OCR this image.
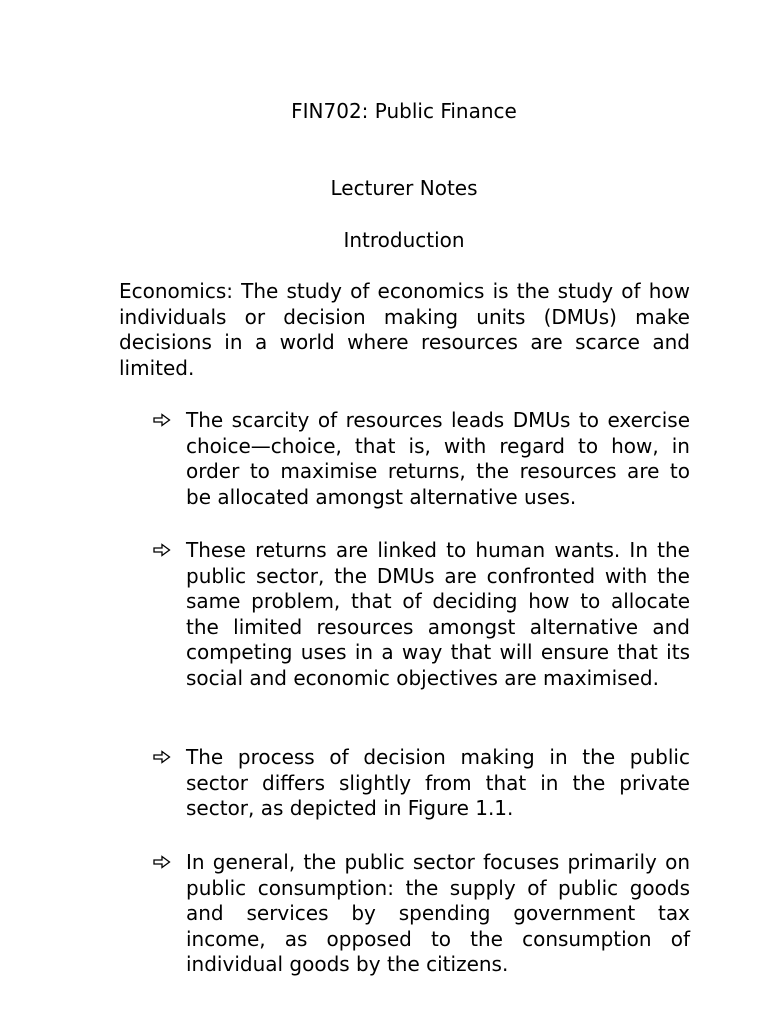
FIN702: Public Finance
Lecturer Notes
Introduction

Economics: The study of economics is the study of how individuals or decision making units (DMUs) make decisions in a world where resources are scarce and limited.

The scarcity of resources leads DMUs to exercise choice—choice, that is, with regard to how, in order to maximise returns, the resources are to be allocated amongst alternative uses.
These returns are linked to human wants. In the public sector, the DMUs are confronted with the same problem, that of deciding how to allocate the limited resources amongst alternative and competing uses in a way that will ensure that its social and economic objectives are maximised.
The process of decision making in the public sector differs slightly from that in the private sector, as depicted in Figure 1.1.
In general, the public sector focuses primarily on public consumption: the supply of public goods and services by spending government tax income, as opposed to the consumption of individual goods by the citizens.
